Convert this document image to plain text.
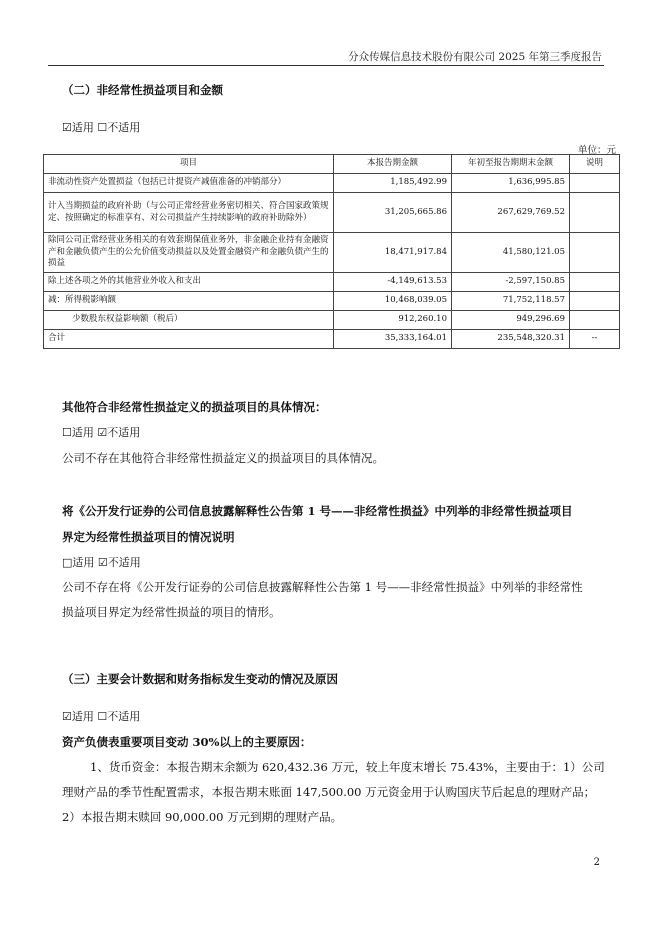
分众传媒信息技术股份有限公司 2025 年第三季度报告
（二）非经常性损益项目和金额
☑适用 ☐不适用
单位：元
项目	本报告期金额	年初至报告期期末金额	说明
非流动性资产处置损益（包括已计提资产减值准备的冲销部分）	1,185,492.99	1,636,995.85	
计入当期损益的政府补助（与公司正常经营业务密切相关、符合国家政策规定、按照确定的标准享有、对公司损益产生持续影响的政府补助除外）	31,205,665.86	267,629,769.52	
除同公司正常经营业务相关的有效套期保值业务外，非金融企业持有金融资产和金融负债产生的公允价值变动损益以及处置金融资产和金融负债产生的损益	18,471,917.84	41,580,121.05	
除上述各项之外的其他营业外收入和支出	-4,149,613.53	-2,597,150.85	
减：所得税影响额	10,468,039.05	71,752,118.57	
少数股东权益影响额（税后）	912,260.10	949,296.69	
合计	35,333,164.01	235,548,320.31	--
其他符合非经常性损益定义的损益项目的具体情况：
☐适用 ☑不适用
公司不存在其他符合非经常性损益定义的损益项目的具体情况。
将《公开发行证券的公司信息披露解释性公告第 1 号——非经常性损益》中列举的非经常性损益项目
界定为经常性损益项目的情况说明
□适用 ☑不适用
公司不存在将《公开发行证券的公司信息披露解释性公告第 1 号——非经常性损益》中列举的非经常性
损益项目界定为经常性损益的项目的情形。
（三）主要会计数据和财务指标发生变动的情况及原因
☑适用 ☐不适用
资产负债表重要项目变动 30%以上的主要原因：
1、货币资金：本报告期末余额为 620,432.36 万元，较上年度末增长 75.43%，主要由于：1）公司
理财产品的季节性配置需求，本报告期末账面 147,500.00 万元资金用于认购国庆节后起息的理财产品；
2）本报告期末赎回 90,000.00 万元到期的理财产品。
2
